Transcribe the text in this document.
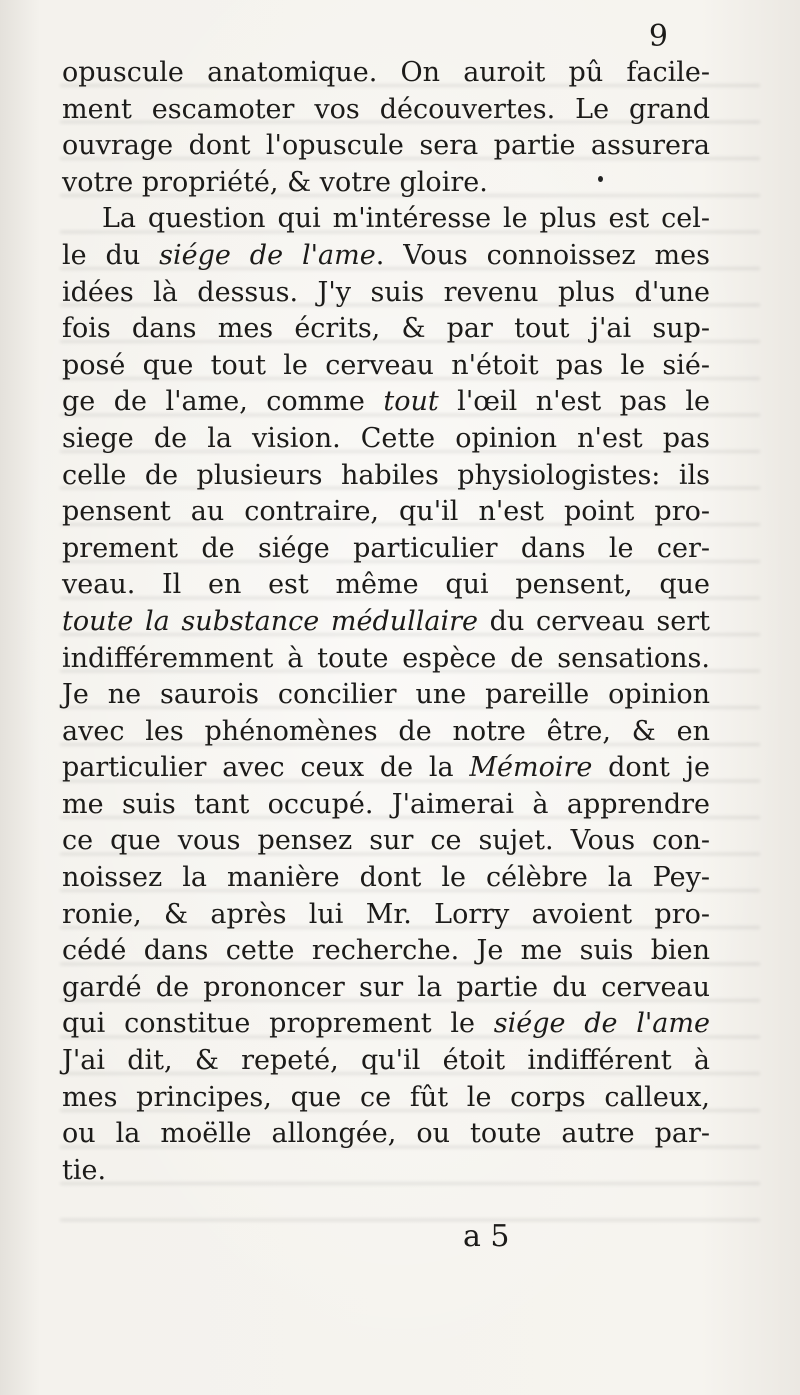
9

opuscule anatomique. On auroit pû facile-
ment escamoter vos découvertes. Le grand
ouvrage dont l'opuscule sera partie assurera
votre propriété, & votre gloire.
La question qui m'intéresse le plus est cel-
le du siége de l'ame. Vous connoissez mes
idées là dessus. J'y suis revenu plus d'une
fois dans mes écrits, & par tout j'ai sup-
posé que tout le cerveau n'étoit pas le sié-
ge de l'ame, comme tout l'œil n'est pas le
siege de la vision. Cette opinion n'est pas
celle de plusieurs habiles physiologistes: ils
pensent au contraire, qu'il n'est point pro-
prement de siége particulier dans le cer-
veau. Il en est même qui pensent, que
toute la substance médullaire du cerveau sert
indifféremment à toute espèce de sensations.
Je ne saurois concilier une pareille opinion
avec les phénomènes de notre être, & en
particulier avec ceux de la Mémoire dont je
me suis tant occupé. J'aimerai à apprendre
ce que vous pensez sur ce sujet. Vous con-
noissez la manière dont le célèbre la Pey-
ronie, & après lui Mr. Lorry avoient pro-
cédé dans cette recherche. Je me suis bien
gardé de prononcer sur la partie du cerveau
qui constitue proprement le siége de l'ame
J'ai dit, & repeté, qu'il étoit indifférent à
mes principes, que ce fût le corps calleux,
ou la moëlle allongée, ou toute autre par-
tie.

a 5
